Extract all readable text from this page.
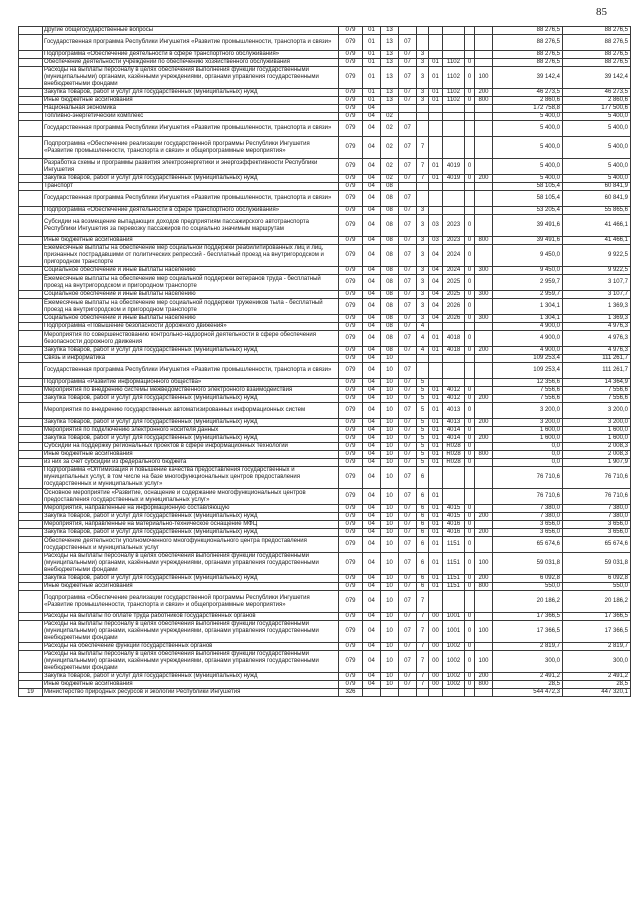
85
	Другие общегосударственные вопросы	079	01	13							88 276,5	88 276,5
	Государственная программа Республики Ингушетия «Развитие промышленности, транспорта и связи»	079	01	13	07						88 276,5	88 276,5
	Подпрограмма «Обеспечение деятельности в сфере транспортного обслуживания»	079	01	13	07	3					88 276,5	88 276,5
	Обеспечение деятельности учреждений по обеспечению хозяйственного обслуживания	079	01	13	07	3	01	1102	0		88 276,5	88 276,5
	Расходы на выплаты персоналу в целях обеспечения выполнения функций государственными (муниципальными) органами, казёнными учреждениями, органами управления государственными внебюджетными фондами	079	01	13	07	3	01	1102	0	100	39 142,4	39 142,4
	Закупка товаров, работ и услуг для государственных (муниципальных) нужд	079	01	13	07	3	01	1102	0	200	46 273,5	46 273,5
	Иные бюджетные ассигнования	079	01	13	07	3	01	1102	0	800	2 860,6	2 860,6
	Национальная экономика	079	04								172 758,8	177 500,6
	Топливно-энергетический комплекс	079	04	02							5 400,0	5 400,0
	Государственная программа Республики Ингушетия «Развитие промышленности, транспорта и связи»	079	04	02	07						5 400,0	5 400,0
	Подпрограмма «Обеспечение реализации государственной программы Республики Ингушетия «Развитие промышленности, транспорта и связи» и общепрограммные мероприятия»	079	04	02	07	7					5 400,0	5 400,0
	Разработка схемы и программы развития электроэнергетики и энергоэффективности Республики Ингушетия	079	04	02	07	7	01	4019	0		5 400,0	5 400,0
	Закупка товаров, работ и услуг для государственных (муниципальных) нужд	079	04	02	07	7	01	4019	0	200	5 400,0	5 400,0
	Транспорт	079	04	08							58 105,4	60 841,9
	Государственная программа Республики Ингушетия «Развитие промышленности, транспорта и связи»	079	04	08	07						58 105,4	60 841,9
	Подпрограмма «Обеспечение деятельности в сфере транспортного обслуживания»	079	04	08	07	3					53 205,4	55 865,6
	Субсидии на возмещение выпадающих доходов предприятиям пассажирского автотранспорта Республики Ингушетия за перевозку пассажиров по социально значимым маршрутам	079	04	08	07	3	03	2023	0		39 491,6	41 466,1
	Иные бюджетные ассигнования	079	04	08	07	3	03	2023	0	800	39 491,6	41 466,1
	Ежемесячные выплаты на обеспечение мер социальной поддержки реабилитированных лиц и лиц, признанных пострадавшими от политических репрессий - бесплатный проезд на внутригородском и пригородном транспорте	079	04	08	07	3	04	2024	0		9 450,0	9 922,5
	Социальное обеспечение и иные выплаты населению	079	04	08	07	3	04	2024	0	300	9 450,0	9 922,5
	Ежемесячные выплаты на обеспечение мер социальной поддержки ветеранов труда - бесплатный проезд на внутригородском и пригородном транспорте	079	04	08	07	3	04	2025	0		2 959,7	3 107,7
	Социальное обеспечение и иные выплаты населению	079	04	08	07	3	04	2025	0	300	2 959,7	3 107,7
	Ежемесячные выплаты на обеспечение мер социальной поддержки тружеников тыла - бесплатный проезд на внутригородском и пригородном транспорте	079	04	08	07	3	04	2026	0		1 304,1	1 369,3
	Социальное обеспечение и иные выплаты населению	079	04	08	07	3	04	2026	0	300	1 304,1	1 369,3
	Подпрограмма «Повышение безопасности дорожного движения»	079	04	08	07	4					4 900,0	4 976,3
	Мероприятия по совершенствованию контрольно-надзорной деятельности в сфере обеспечения безопасности дорожного движения	079	04	08	07	4	01	4018	0		4 900,0	4 976,3
	Закупка товаров, работ и услуг для государственных (муниципальных) нужд	079	04	08	07	4	01	4018	0	200	4 900,0	4 976,3
	Связь и информатика	079	04	10							109 253,4	111 261,7
	Государственная программа Республики Ингушетия «Развитие промышленности, транспорта и связи»	079	04	10	07						109 253,4	111 261,7
	Подпрограмма «Развитие информационного общества»	079	04	10	07	5					12 356,6	14 364,9
	Мероприятия по внедрению системы межведомственного электронного взаимодействия	079	04	10	07	5	01	4012	0		7 556,6	7 556,6
	Закупка товаров, работ и услуг для государственных (муниципальных) нужд	079	04	10	07	5	01	4012	0	200	7 556,6	7 556,6
	Мероприятия по внедрению государственных автоматизированных информационных систем	079	04	10	07	5	01	4013	0		3 200,0	3 200,0
	Закупка товаров, работ и услуг для государственных (муниципальных) нужд	079	04	10	07	5	01	4013	0	200	3 200,0	3 200,0
	Мероприятия по подключению электронного носителя данных	079	04	10	07	5	01	4014	0		1 600,0	1 600,0
	Закупка товаров, работ и услуг для государственных (муниципальных) нужд	079	04	10	07	5	01	4014	0	200	1 600,0	1 600,0
	Субсидии на поддержку региональных проектов в сфере информационных технологий	079	04	10	07	5	01	R028	0		0,0	2 008,3
	Иные бюджетные ассигнования	079	04	10	07	5	01	R028	0	800	0,0	2 008,3
	из них за счет субсидии из федерального бюджета	079	04	10	07	5	01	R028	0		0,0	1 907,9
	Подпрограмма «Оптимизация и повышение качества предоставления государственных и муниципальных услуг, в том числе на базе многофункциональных центров предоставления государственных и муниципальных услуг»	079	04	10	07	6					76 710,6	76 710,6
	Основное мероприятие «Развитие, оснащение и содержание многофункциональных центров предоставления государственных и муниципальных услуг»	079	04	10	07	6	01				76 710,6	76 710,6
	Мероприятия, направленные на информационную составляющую	079	04	10	07	6	01	4015	0		7 380,0	7 380,0
	Закупка товаров, работ и услуг для государственных (муниципальных) нужд	079	04	10	07	6	01	4015	0	200	7 380,0	7 380,0
	Мероприятия, направленные на материально-техническое оснащение МФЦ	079	04	10	07	6	01	4016	0		3 656,0	3 656,0
	Закупка товаров, работ и услуг для государственных (муниципальных) нужд	079	04	10	07	6	01	4016	0	200	3 656,0	3 656,0
	Обеспечение деятельности уполномоченного многофункционального центра предоставления государственных и муниципальных услуг	079	04	10	07	6	01	1151	0		65 674,6	65 674,6
	Расходы на выплаты персоналу в целях обеспечения выполнения функций государственными (муниципальными) органами, казёнными учреждениями, органами управления государственными внебюджетными фондами	079	04	10	07	6	01	1151	0	100	59 031,8	59 031,8
	Закупка товаров, работ и услуг для государственных (муниципальных) нужд	079	04	10	07	6	01	1151	0	200	6 092,8	6 092,8
	Иные бюджетные ассигнования	079	04	10	07	6	01	1151	0	800	550,0	550,0
	Подпрограмма «Обеспечение реализации государственной программы Республики Ингушетия «Развитие промышленности, транспорта и связи» и общепрограммные мероприятия»	079	04	10	07	7					20 186,2	20 186,2
	Расходы на выплаты по оплате труда работников государственных органов	079	04	10	07	7	00	1001	0		17 366,5	17 366,5
	Расходы на выплаты персоналу в целях обеспечения выполнения функций государственными (муниципальными) органами, казёнными учреждениями, органами управления государственными внебюджетными фондами	079	04	10	07	7	00	1001	0	100	17 366,5	17 366,5
	Расходы на обеспечение функций государственных органов	079	04	10	07	7	00	1002	0		2 819,7	2 819,7
	Расходы на выплаты персоналу в целях обеспечения выполнения функций государственными (муниципальными) органами, казёнными учреждениями, органами управления государственными внебюджетными фондами	079	04	10	07	7	00	1002	0	100	300,0	300,0
	Закупка товаров, работ и услуг для государственных (муниципальных) нужд	079	04	10	07	7	00	1002	0	200	2 491,2	2 491,2
	Иные бюджетные ассигнования	079	04	10	07	7	00	1002	0	800	28,5	28,5
19	Министерство природных ресурсов и экологии Республики Ингушетия	326									544 472,3	447 320,1
